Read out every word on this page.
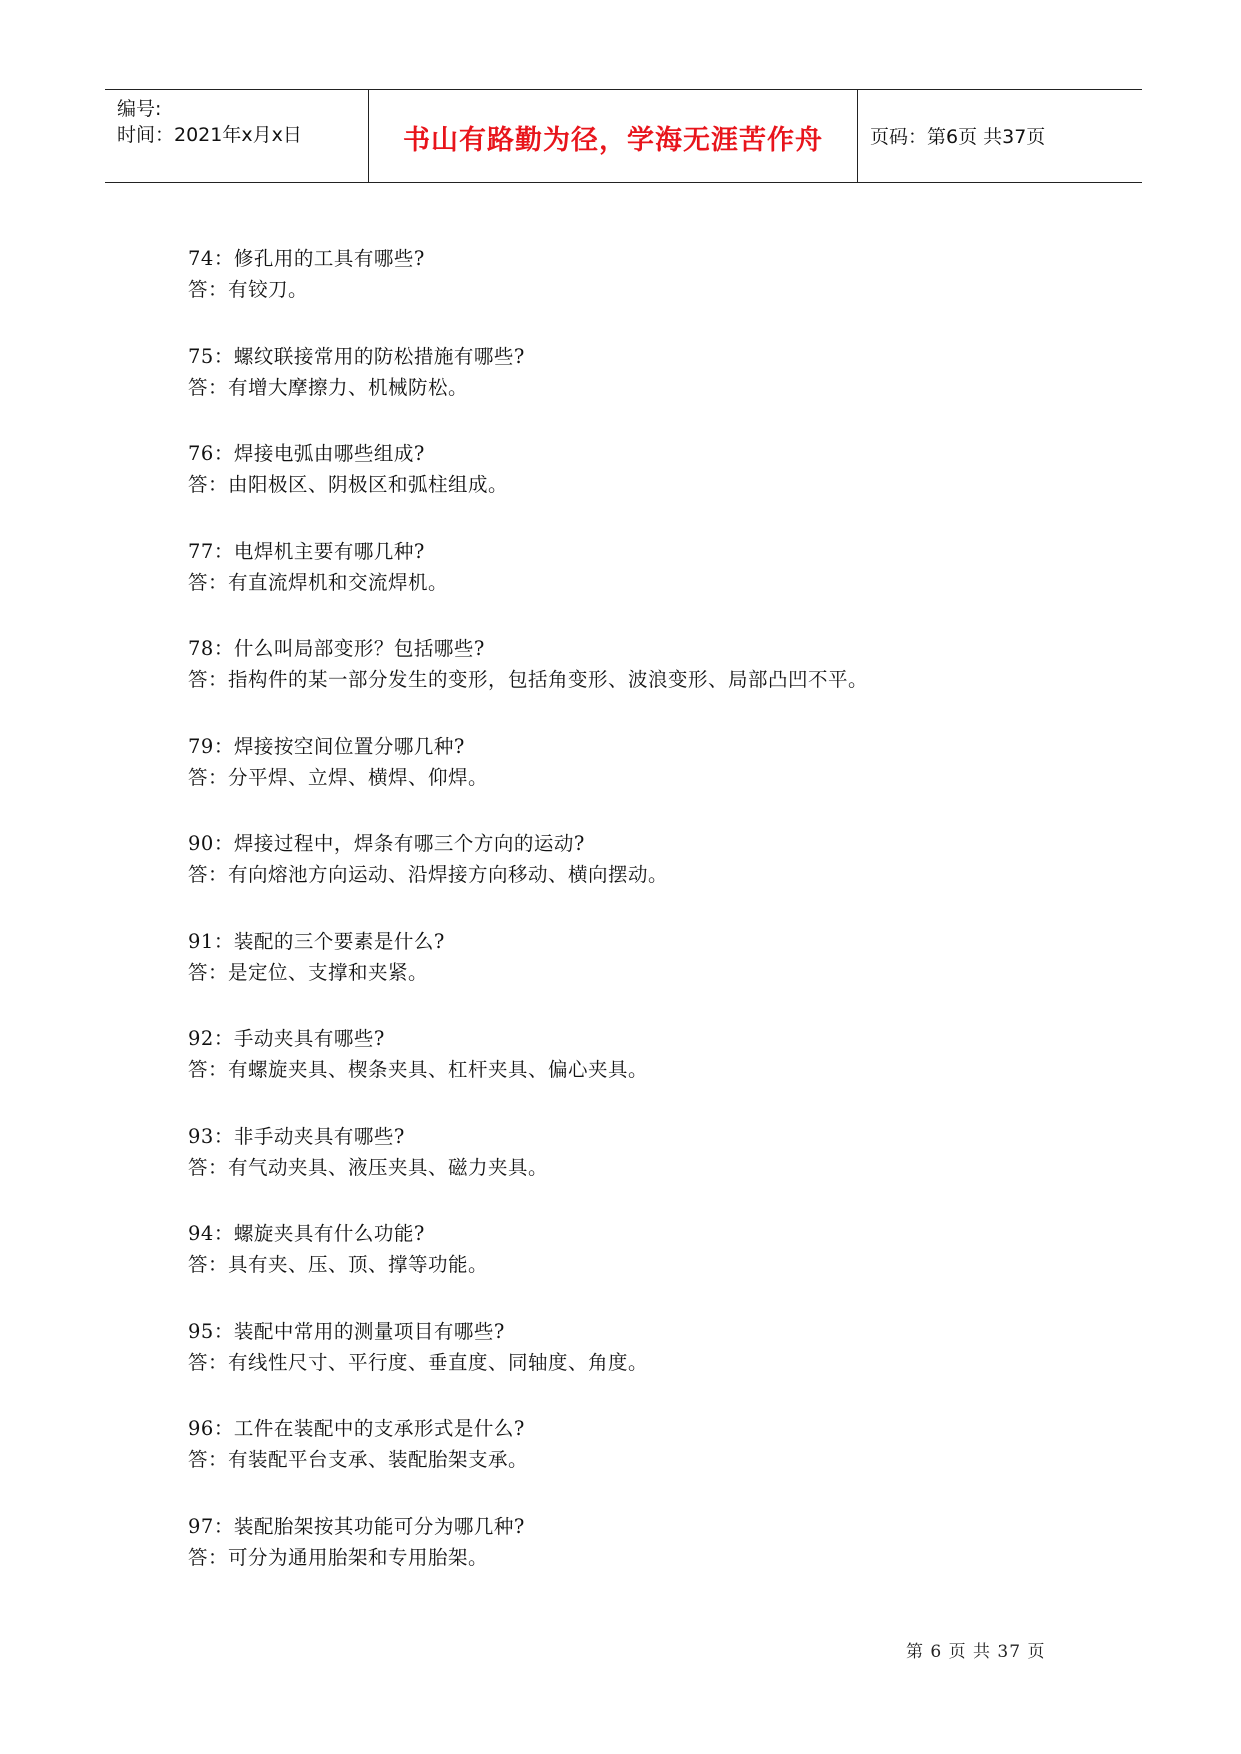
编号:
时间：2021年x月x日	书山有路勤为径，学海无涯苦作舟	页码：第6页 共37页
74：修孔用的工具有哪些?
答：有铰刀。
75：螺纹联接常用的防松措施有哪些?
答：有增大摩擦力、机械防松。
76：焊接电弧由哪些组成?
答：由阳极区、阴极区和弧柱组成。
77：电焊机主要有哪几种?
答：有直流焊机和交流焊机。
78：什么叫局部变形？包括哪些?
答：指构件的某一部分发生的变形，包括角变形、波浪变形、局部凸凹不平。
79：焊接按空间位置分哪几种?
答：分平焊、立焊、横焊、仰焊。
90：焊接过程中，焊条有哪三个方向的运动?
答：有向熔池方向运动、沿焊接方向移动、横向摆动。
91：装配的三个要素是什么?
答：是定位、支撑和夹紧。
92：手动夹具有哪些?
答：有螺旋夹具、楔条夹具、杠杆夹具、偏心夹具。
93：非手动夹具有哪些?
答：有气动夹具、液压夹具、磁力夹具。
94：螺旋夹具有什么功能?
答：具有夹、压、顶、撑等功能。
95：装配中常用的测量项目有哪些?
答：有线性尺寸、平行度、垂直度、同轴度、角度。
96：工件在装配中的支承形式是什么?
答：有装配平台支承、装配胎架支承。
97：装配胎架按其功能可分为哪几种?
答：可分为通用胎架和专用胎架。
第 6 页 共 37 页
